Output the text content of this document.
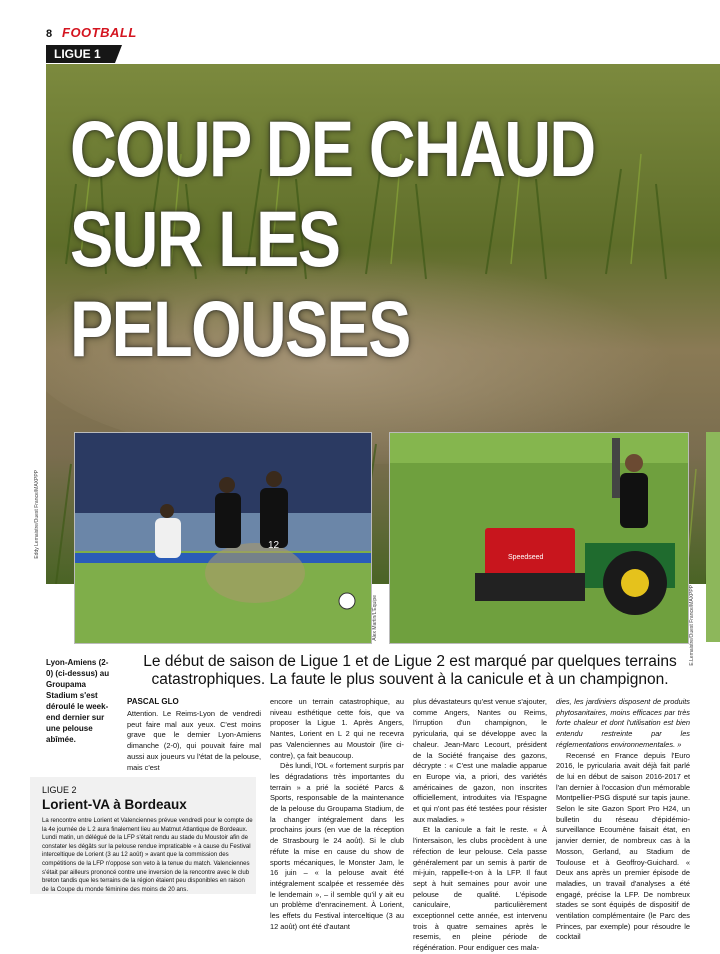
8 FOOTBALL
LIGUE 1
COUP DE CHAUD
SUR LES PELOUSES
Eddy Lemaistre/Ouest France/MAXPPP	12
Alex Martin/L'Équipe
Speedseed
E.Lemaistre/Ouest France/MAXPPP
Lyon-Amiens (2-0) (ci-dessus) au Groupama Stadium s'est déroulé le week-end dernier sur une pelouse abîmée.
Le début de saison de Ligue 1 et de Ligue 2 est marqué par quelques terrains catastrophiques. La faute le plus souvent à la canicule et à un champignon.
PASCAL GLO

Attention. Le Reims-Lyon de vendredi peut faire mal aux yeux. C'est moins grave que le dernier Lyon-Amiens dimanche (2-0), qui pouvait faire mal aussi aux joueurs vu l'état de la pelouse, mais c'est

encore un terrain catastrophique, au niveau esthétique cette fois, que va proposer la Ligue 1. Après Angers, Nantes, Lorient en L 2 qui ne recevra pas Valenciennes au Moustoir (lire ci-contre), ça fait beaucoup.

Dès lundi, l'OL « fortement surpris par les dégradations très importantes du terrain » a prié la société Parcs & Sports, responsable de la maintenance de la pelouse du Groupama Stadium, de la changer intégralement dans les prochains jours (en vue de la réception de Strasbourg le 24 août). Si le club réfute la mise en cause du show de sports mécaniques, le Monster Jam, le 16 juin – « la pelouse avait été intégralement scalpée et ressemée dès le lendemain », – il semble qu'il y ait eu un problème d'enracinement. À Lorient, les effets du Festival interceltique (3 au 12 août) ont été d'autant

plus dévastateurs qu'est venue s'ajouter, comme Angers, Nantes ou Reims, l'irruption d'un champignon, le pyricularia, qui se développe avec la chaleur. Jean-Marc Lecourt, président de la Société française des gazons, décrypte : « C'est une maladie apparue en Europe via, a priori, des variétés américaines de gazon, non inscrites officiellement, introduites via l'Espagne et qui n'ont pas été testées pour résister aux maladies. »

Et la canicule a fait le reste. « À l'intersaison, les clubs procèdent à une réfection de leur pelouse. Cela passe généralement par un semis à partir de mi-juin, rappelle-t-on à la LFP. Il faut sept à huit semaines pour avoir une pelouse de qualité. L'épisode caniculaire, particulièrement exceptionnel cette année, est intervenu trois à quatre semaines après le resemis, en pleine période de régénération. Pour endiguer ces mala-

dies, les jardiniers disposent de produits phytosanitaires, moins efficaces par très forte chaleur et dont l'utilisation est bien entendu restreinte par les réglementations environnementales. »

Recensé en France depuis l'Euro 2016, le pyricularia avait déjà fait parlé de lui en début de saison 2016-2017 et l'an dernier à l'occasion d'un mémorable Montpellier-PSG disputé sur tapis jaune. Selon le site Gazon Sport Pro H24, un bulletin du réseau d'épidémio-surveillance Ecoumène faisait état, en janvier dernier, de nombreux cas à la Mosson, Gerland, au Stadium de Toulouse et à Geoffroy-Guichard. « Deux ans après un premier épisode de maladies, un travail d'analyses a été engagé, précise la LFP. De nombreux stades se sont équipés de dispositif de ventilation complémentaire (le Parc des Princes, par exemple) pour résoudre le cocktail

LIGUE 2
Lorient-VA à Bordeaux
La rencontre entre Lorient et Valenciennes prévue vendredi pour le compte de la 4e journée de L 2 aura finalement lieu au Matmut Atlantique de Bordeaux. Lundi matin, un délégué de la LFP s'était rendu au stade du Moustoir afin de constater les dégâts sur la pelouse rendue impraticable « à cause du Festival interceltique de Lorient (3 au 12 août) » avant que la commission des compétitions de la LFP n'oppose son veto à la tenue du match. Valenciennes s'était par ailleurs prononcé contre une inversion de la rencontre avec le club breton tandis que les terrains de la région étaient peu disponibles en raison de la Coupe du monde féminine des moins de 20 ans.
